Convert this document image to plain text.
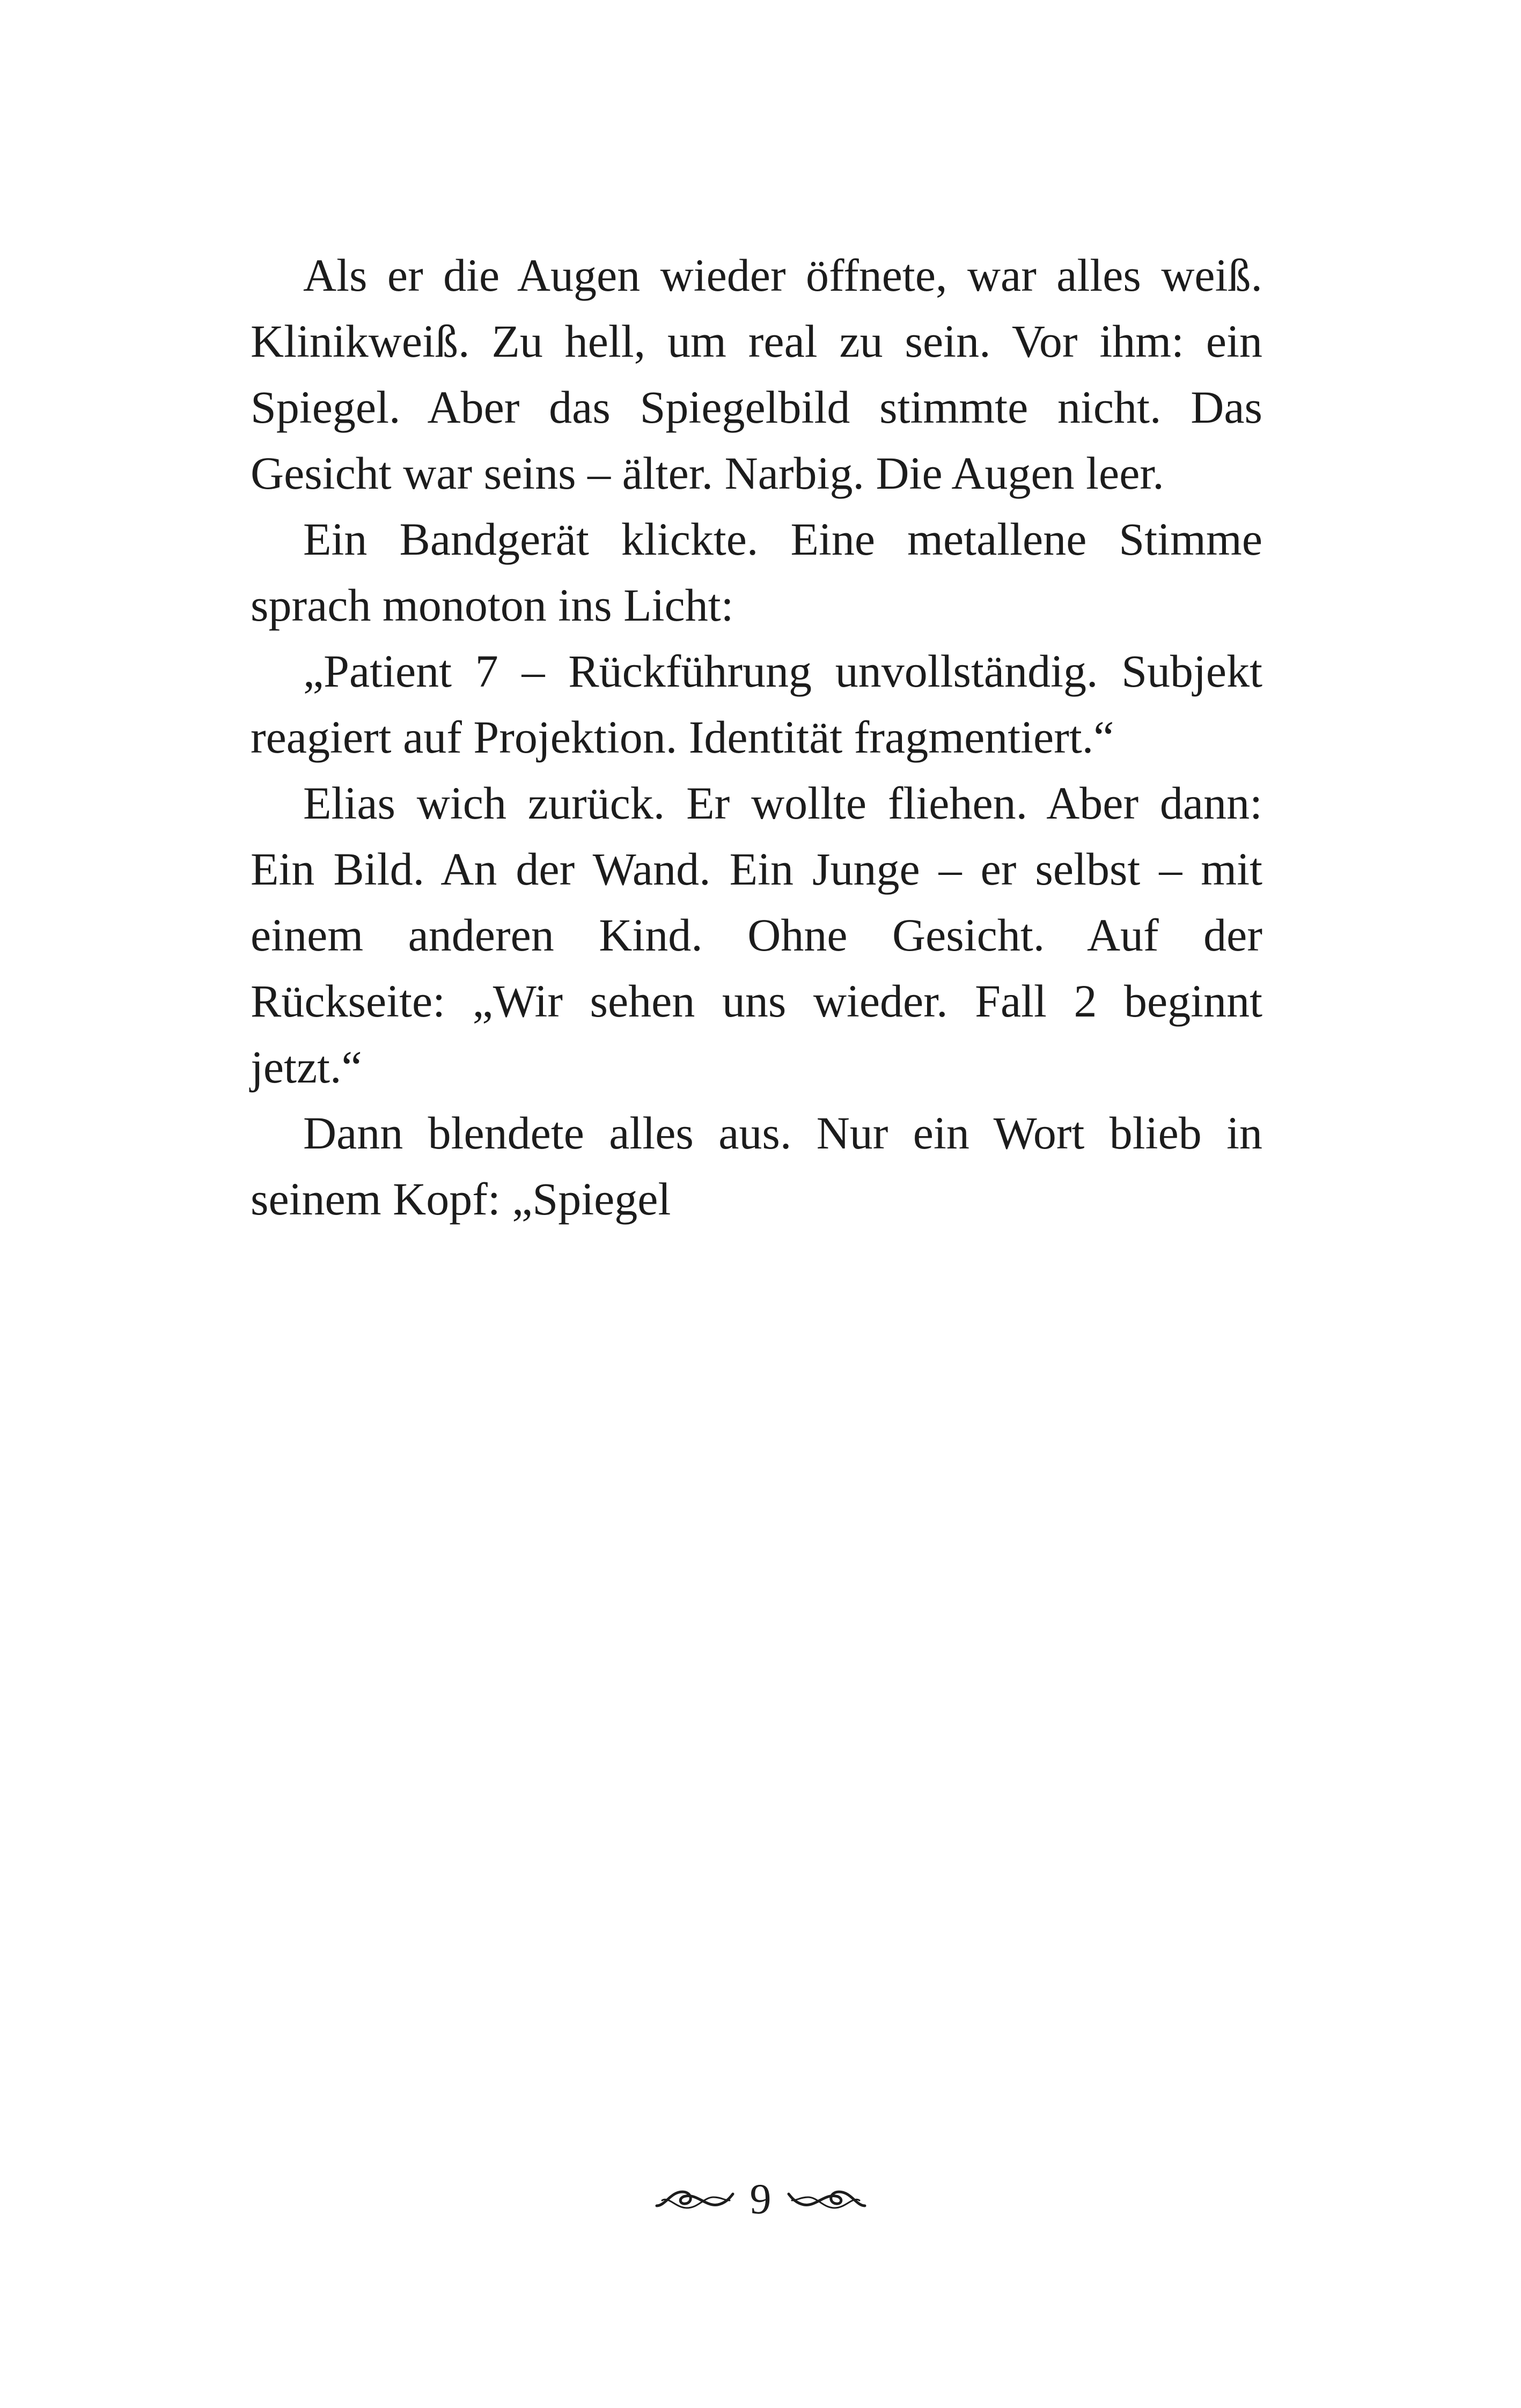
Als er die Augen wieder öffnete, war alles weiß. Klinikweiß. Zu hell, um real zu sein. Vor ihm: ein Spiegel. Aber das Spiegelbild stimmte nicht. Das Gesicht war seins – älter. Narbig. Die Augen leer.

Ein Bandgerät klickte. Eine metallene Stimme sprach monoton ins Licht:

„Patient 7 – Rückführung unvollständig. Subjekt reagiert auf Projektion. Identität fragmentiert.“

Elias wich zurück. Er wollte fliehen. Aber dann: Ein Bild. An der Wand. Ein Junge – er selbst – mit einem anderen Kind. Ohne Gesicht. Auf der Rückseite: „Wir sehen uns wieder. Fall 2 beginnt jetzt.“

Dann blendete alles aus. Nur ein Wort blieb in seinem Kopf: „Spiegel

9
